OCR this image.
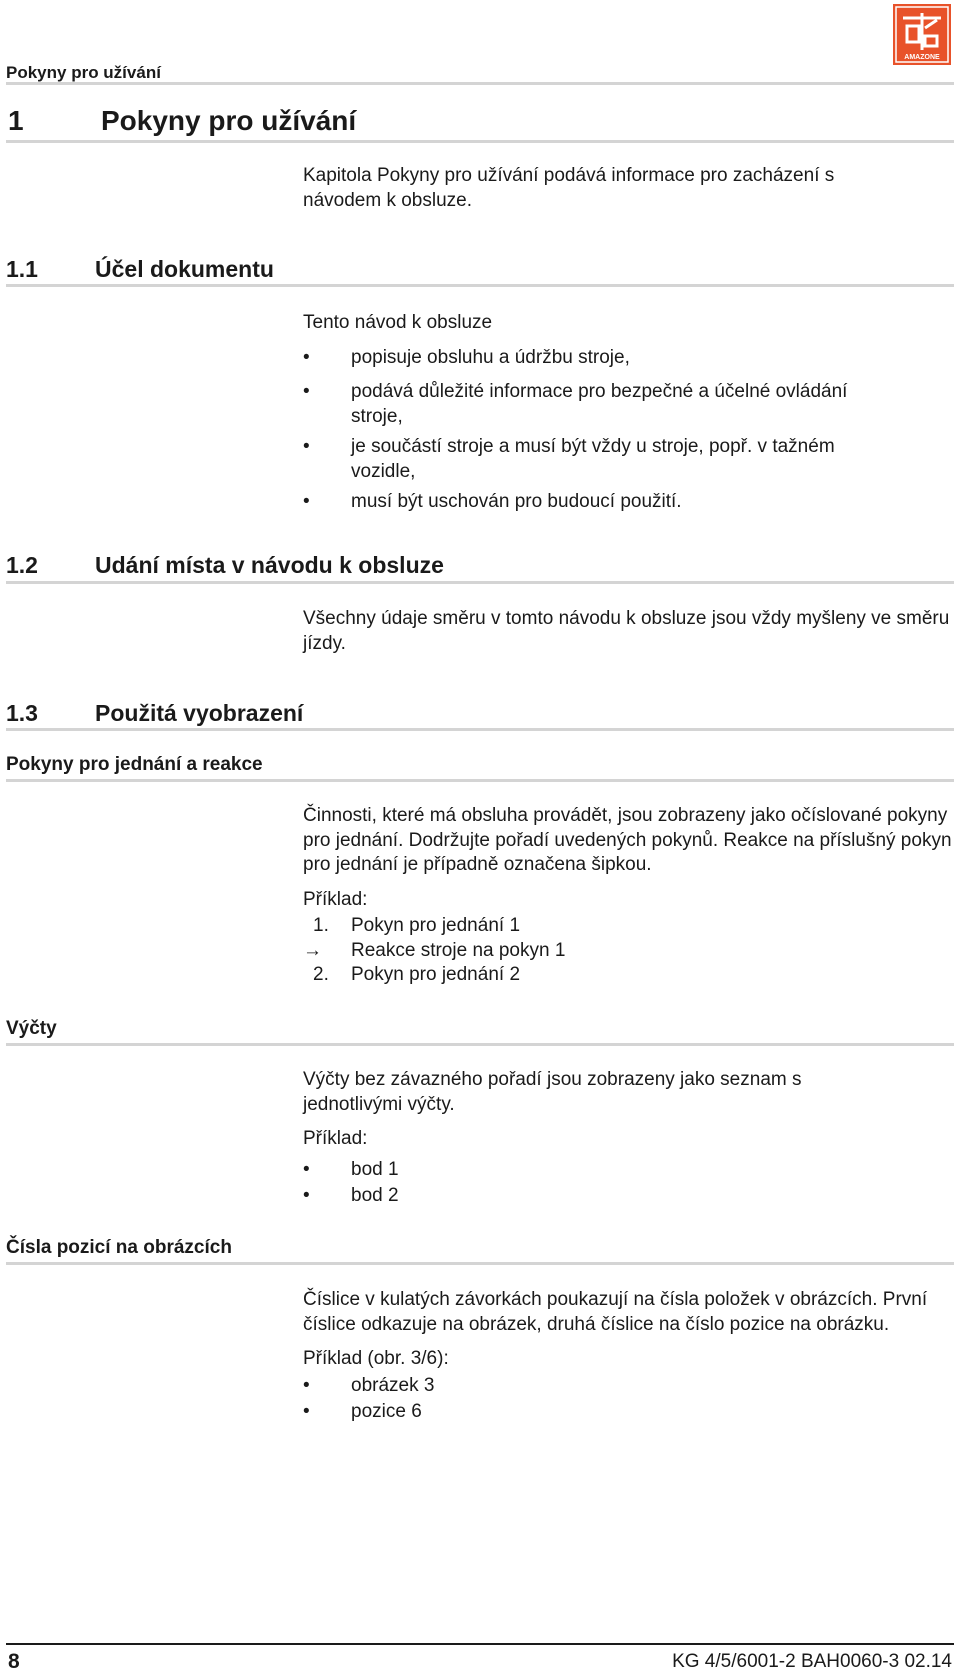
Pokyny pro užívání
AMAZONE
1	Pokyny pro užívání

Kapitola Pokyny pro užívání podává informace pro zacházení s návodem k obsluze.

1.1 Účel dokumentu

Tento návod k obsluze

• popisuje obsluhu a údržbu stroje,
• podává důležité informace pro bezpečné a účelné ovládání stroje,
• je součástí stroje a musí být vždy u stroje, popř. v tažném vozidle,
• musí být uschován pro budoucí použití.
1.2 Udání místa v návodu k obsluze

Všechny údaje směru v tomto návodu k obsluze jsou vždy myšleny ve směru jízdy.

1.3 Použitá vyobrazení
Pokyny pro jednání a reakce

Činnosti, které má obsluha provádět, jsou zobrazeny jako očíslované pokyny pro jednání. Dodržujte pořadí uvedených pokynů. Reakce na příslušný pokyn pro jednání je případně označena šipkou.

Příklad:

1.	Pokyn pro jednání 1
→	Reakce stroje na pokyn 1
2.	Pokyn pro jednání 2
Výčty

Výčty bez závazného pořadí jsou zobrazeny jako seznam s jednotlivými výčty.

Příklad:

• bod 1
• bod 2
Čísla pozicí na obrázcích

Číslice v kulatých závorkách poukazují na čísla položek v obrázcích. První číslice odkazuje na obrázek, druhá číslice na číslo pozice na obrázku.

Příklad (obr. 3/6):

• obrázek 3
• pozice 6
8	KG 4/5/6001-2 BAH0060-3 02.14
